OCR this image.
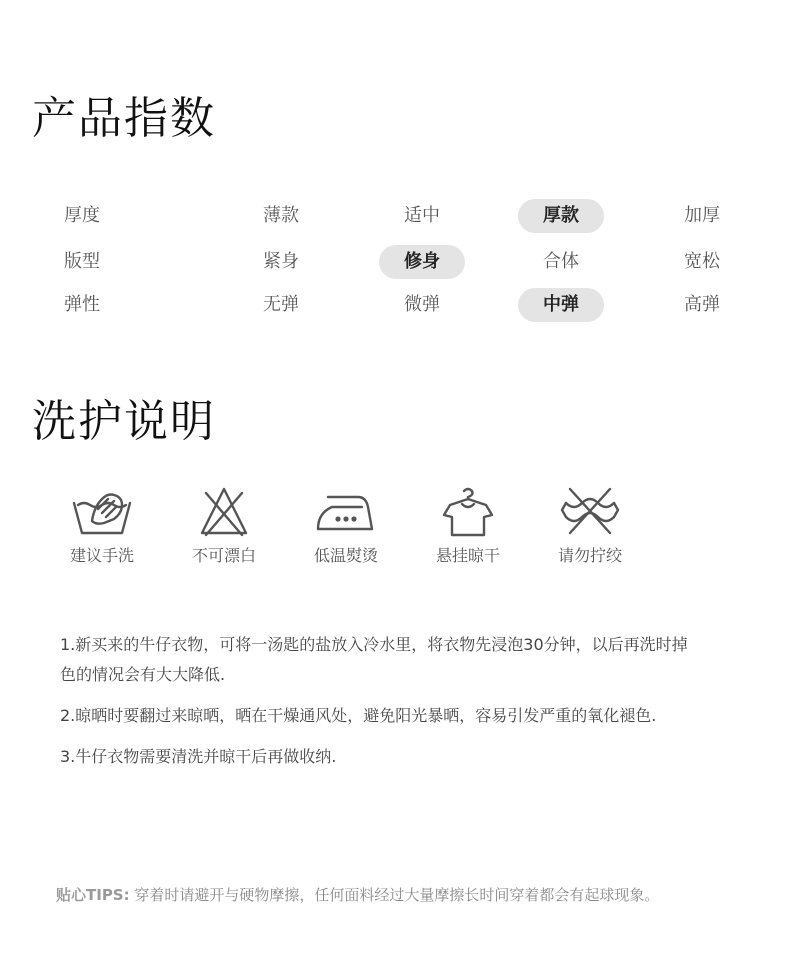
产品指数
厚度	薄款	适中	厚款	加厚
版型	紧身	修身	合体	宽松
弹性	无弹	微弹	中弹	高弹
洗护说明
建议手洗	不可漂白	低温熨烫	悬挂晾干	请勿拧绞

1.新买来的牛仔衣物，可将一汤匙的盐放入冷水里，将衣物先浸泡30分钟，以后再洗时掉色的情况会有大大降低.

2.晾晒时要翻过来晾晒，晒在干燥通风处，避免阳光暴晒，容易引发严重的氧化褪色.

3.牛仔衣物需要清洗并晾干后再做收纳.

贴心TIPS: 穿着时请避开与硬物摩擦，任何面料经过大量摩擦长时间穿着都会有起球现象。
